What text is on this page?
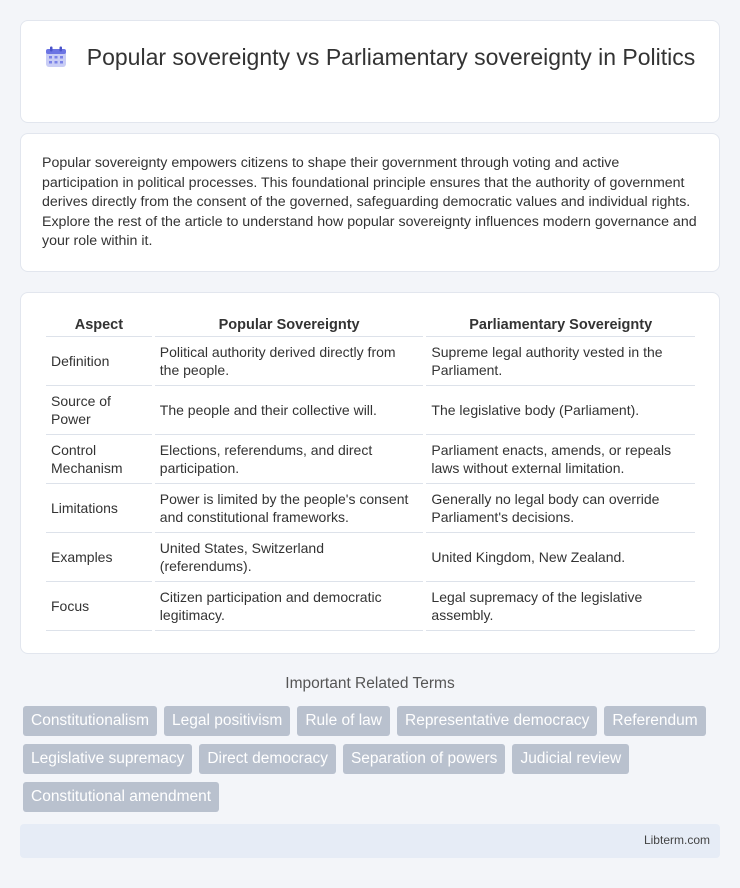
Popular sovereignty vs Parliamentary sovereignty in Politics

Popular sovereignty empowers citizens to shape their government through voting and active participation in political processes. This foundational principle ensures that the authority of government derives directly from the consent of the governed, safeguarding democratic values and individual rights. Explore the rest of the article to understand how popular sovereignty influences modern governance and your role within it.

Aspect	Popular Sovereignty	Parliamentary Sovereignty
Definition	Political authority derived directly from the people.	Supreme legal authority vested in the Parliament.
Source of Power	The people and their collective will.	The legislative body (Parliament).
Control Mechanism	Elections, referendums, and direct participation.	Parliament enacts, amends, or repeals laws without external limitation.
Limitations	Power is limited by the people's consent and constitutional frameworks.	Generally no legal body can override Parliament's decisions.
Examples	United States, Switzerland (referendums).	United Kingdom, New Zealand.
Focus	Citizen participation and democratic legitimacy.	Legal supremacy of the legislative assembly.
Important Related Terms
Constitutionalism	Legal positivism	Rule of law	Representative democracy	Referendum
Legislative supremacy	Direct democracy	Separation of powers	Judicial review
Constitutional amendment
Libterm.com
